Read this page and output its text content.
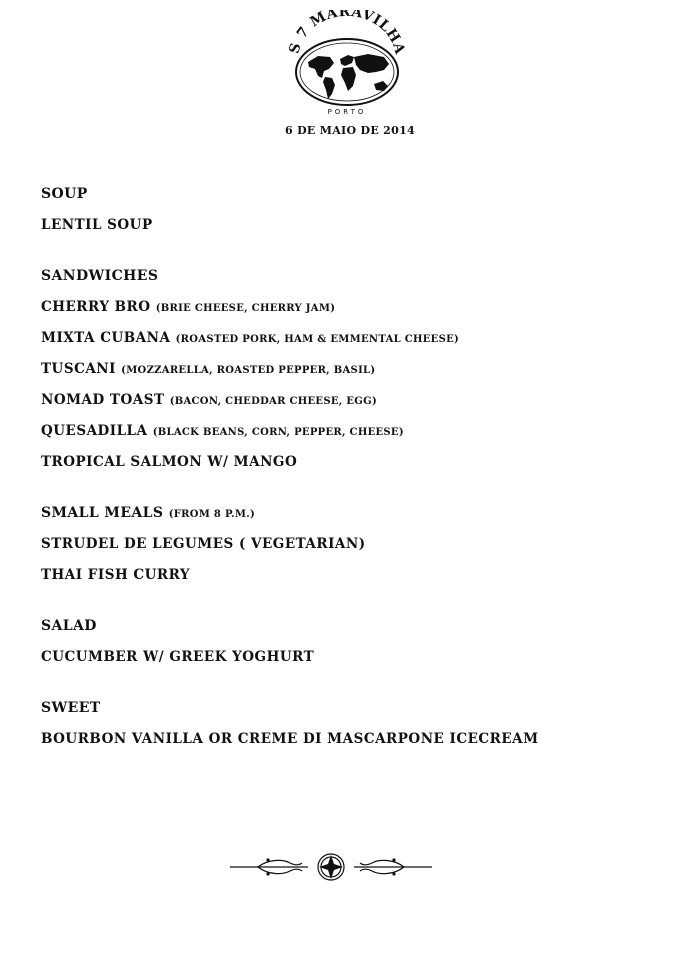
S 7 MARAVILHA
PORTO
6 DE MAIO DE 2014
SOUP
LENTIL SOUP
SANDWICHES
CHERRY BRO (BRIE CHEESE, CHERRY JAM)
MIXTA CUBANA (ROASTED PORK, HAM & EMMENTAL CHEESE)
TUSCANI (MOZZARELLA, ROASTED PEPPER, BASIL)
NOMAD TOAST (BACON, CHEDDAR CHEESE, EGG)
QUESADILLA (BLACK BEANS, CORN, PEPPER, CHEESE)
TROPICAL SALMON W/ MANGO
SMALL MEALS (FROM 8 P.M.)
STRUDEL DE LEGUMES ( VEGETARIAN)
THAI FISH CURRY
SALAD
CUCUMBER W/ GREEK YOGHURT
SWEET
BOURBON VANILLA OR CREME DI MASCARPONE ICECREAM
